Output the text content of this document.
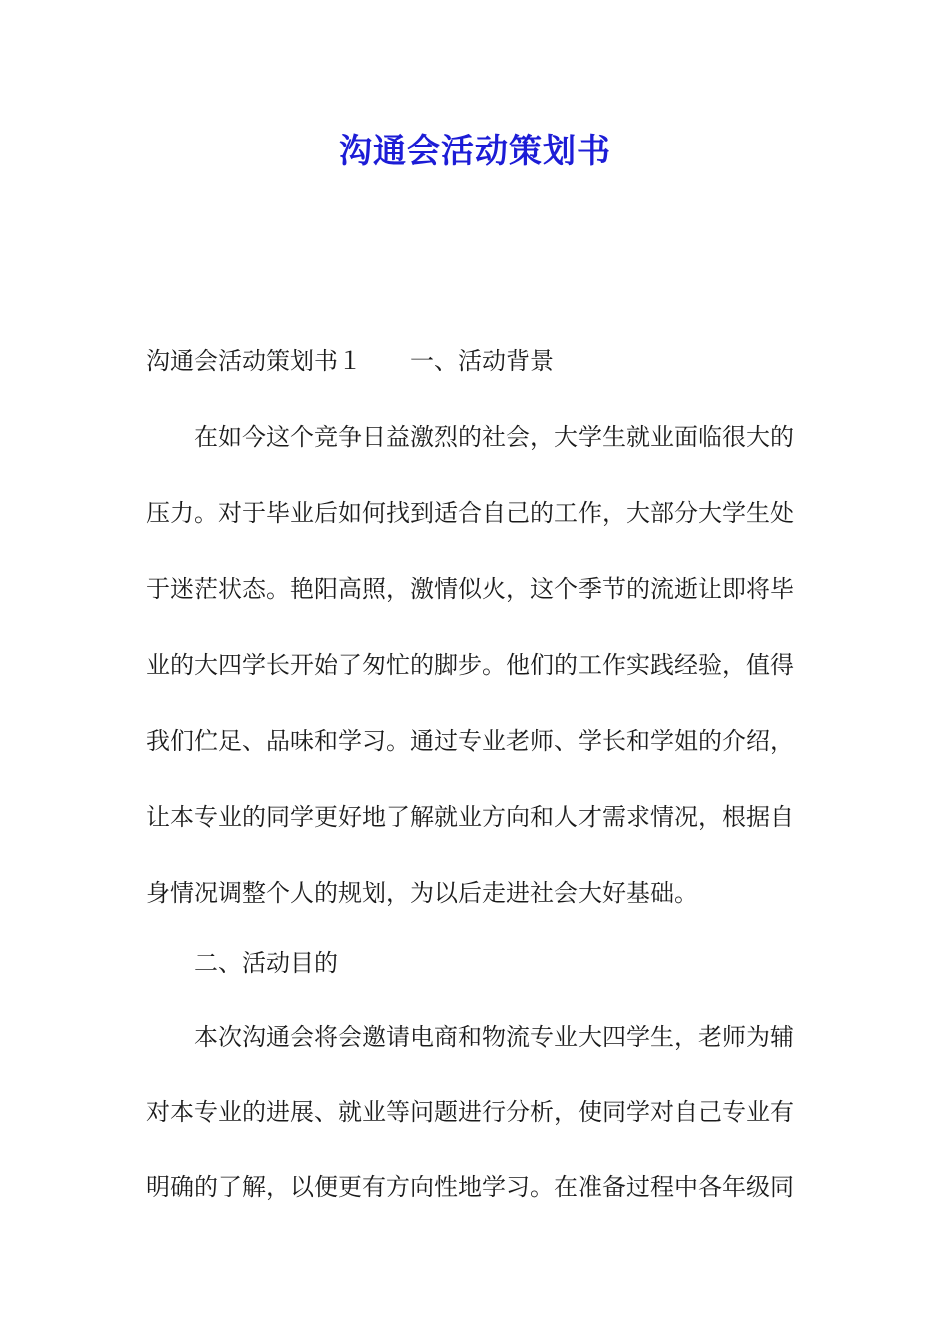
沟通会活动策划书
沟通会活动策划书１ 一、活动背景
在如今这个竞争日益激烈的社会，大学生就业面临很大的
压力。对于毕业后如何找到适合自己的工作，大部分大学生处
于迷茫状态。艳阳高照，激情似火，这个季节的流逝让即将毕
业的大四学长开始了匆忙的脚步。他们的工作实践经验，值得
我们伫足、品味和学习。通过专业老师、学长和学姐的介绍，
让本专业的同学更好地了解就业方向和人才需求情况，根据自
身情况调整个人的规划，为以后走进社会大好基础。
二、活动目的
本次沟通会将会邀请电商和物流专业大四学生，老师为辅
对本专业的进展、就业等问题进行分析，使同学对自己专业有
明确的了解，以便更有方向性地学习。在准备过程中各年级同
